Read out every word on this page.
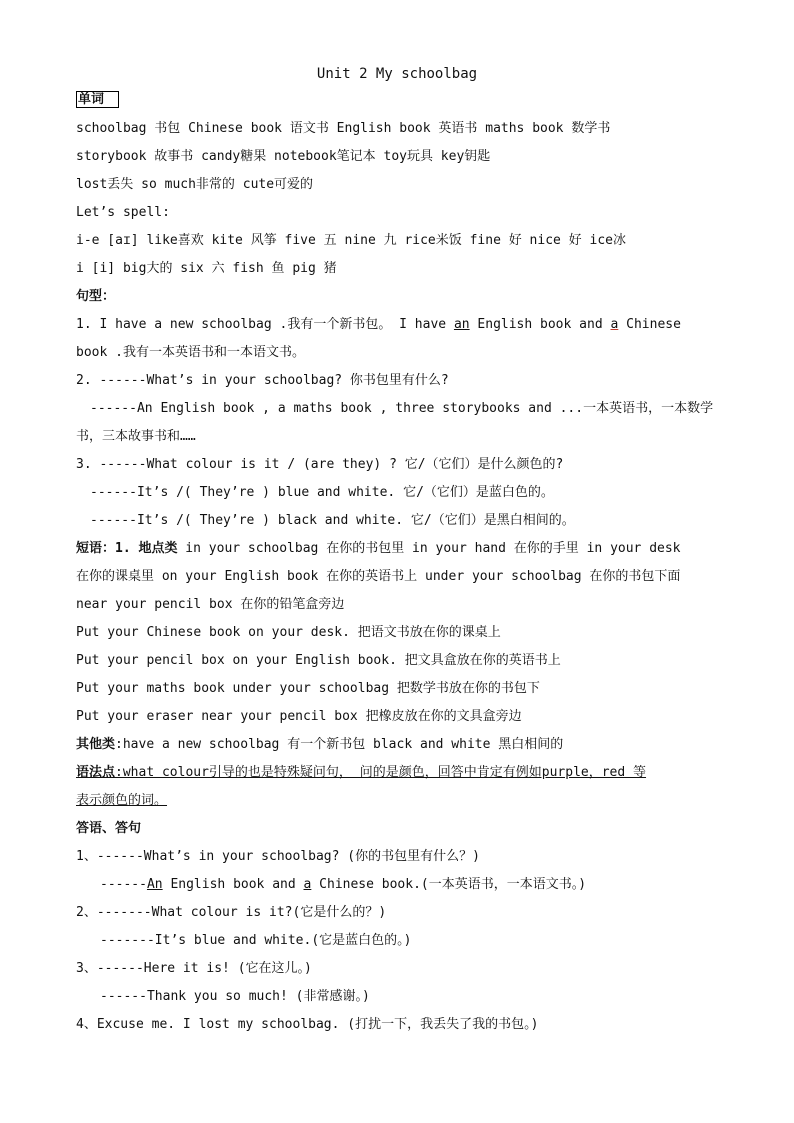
Unit 2 My schoolbag
单词
schoolbag 书包 Chinese book 语文书 English book 英语书 maths book 数学书
storybook 故事书 candy糖果 notebook笔记本 toy玩具 key钥匙
lost丢失 so much非常的 cute可爱的
Let’s spell:
i-e [aɪ] like喜欢 kite 风筝 five 五 nine 九 rice米饭 fine 好 nice 好 ice冰
i [i] big大的 six 六 fish 鱼 pig 猪
句型：
1. I have a new schoolbag .我有一个新书包。 I have an English book and a Chinese
book .我有一本英语书和一本语文书。
2. ------What’s in your schoolbag? 你书包里有什么?
------An English book , a maths book , three storybooks and ...一本英语书，一本数学
书，三本故事书和……
3. ------What colour is it / (are they) ? 它/（它们）是什么颜色的?
------It’s /( They’re ) blue and white. 它/（它们）是蓝白色的。
------It’s /( They’re ) black and white. 它/（它们）是黑白相间的。
短语：1. 地点类 in your schoolbag 在你的书包里 in your hand 在你的手里 in your desk
在你的课桌里 on your English book 在你的英语书上 under your schoolbag 在你的书包下面
near your pencil box 在你的铅笔盒旁边
Put your Chinese book on your desk. 把语文书放在你的课桌上
Put your pencil box on your English book. 把文具盒放在你的英语书上
Put your maths book under your schoolbag 把数学书放在你的书包下
Put your eraser near your pencil box 把橡皮放在你的文具盒旁边
其他类:have a new schoolbag 有一个新书包 black and white 黑白相间的
语法点:what colour引导的也是特殊疑问句， 问的是颜色，回答中肯定有例如purple，red 等
表示颜色的词。
答语、答句
1、------What’s in your schoolbag? (你的书包里有什么？)
------An English book and a Chinese book.(一本英语书，一本语文书。)
2、-------What colour is it?(它是什么的？)
-------It’s blue and white.(它是蓝白色的。)
3、------Here it is! (它在这儿。)
------Thank you so much! (非常感谢。)
4、Excuse me. I lost my schoolbag. (打扰一下，我丢失了我的书包。)
